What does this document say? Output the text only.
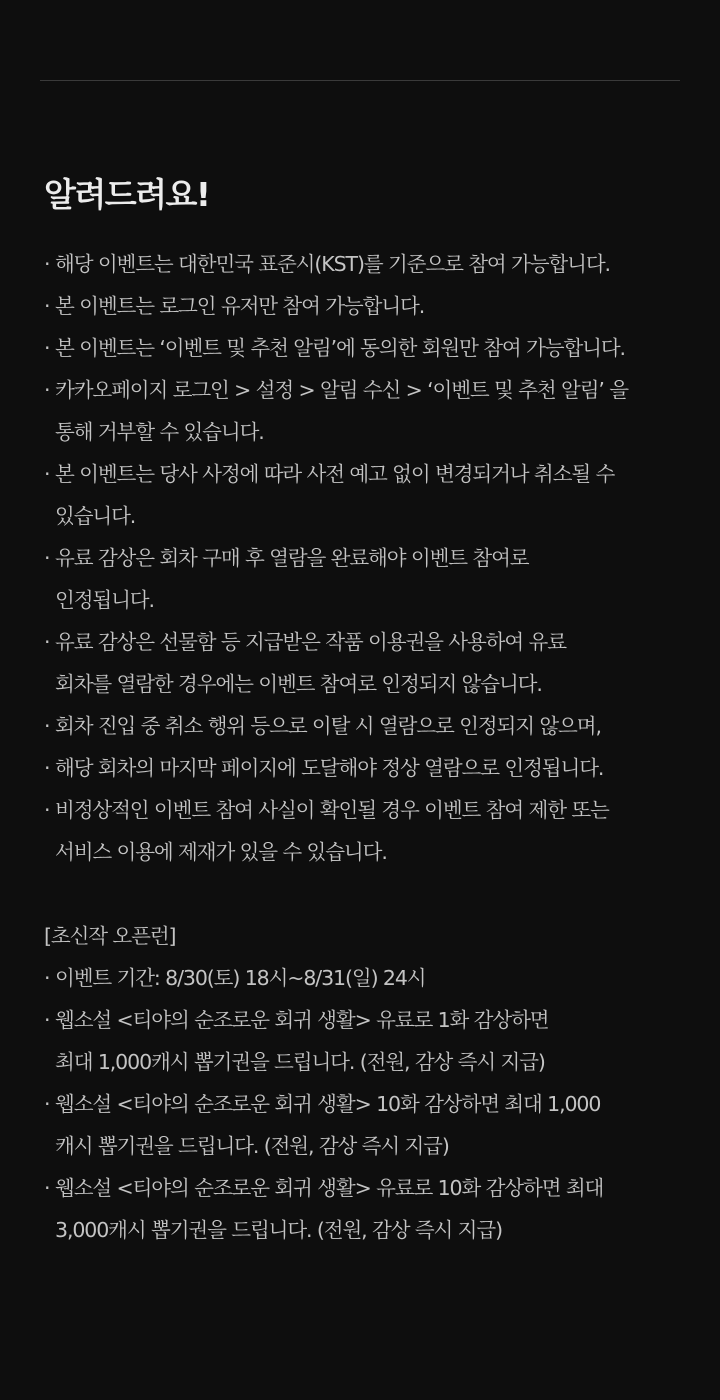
알려드려요!
· 해당 이벤트는 대한민국 표준시(KST)를 기준으로 참여 가능합니다.
· 본 이벤트는 로그인 유저만 참여 가능합니다.
· 본 이벤트는 ‘이벤트 및 추천 알림’에 동의한 회원만 참여 가능합니다.
· 카카오페이지 로그인 > 설정 > 알림 수신 > ‘이벤트 및 추천 알림’ 을
통해 거부할 수 있습니다.
· 본 이벤트는 당사 사정에 따라 사전 예고 없이 변경되거나 취소될 수
있습니다.
· 유료 감상은 회차 구매 후 열람을 완료해야 이벤트 참여로
인정됩니다.
· 유료 감상은 선물함 등 지급받은 작품 이용권을 사용하여 유료
회차를 열람한 경우에는 이벤트 참여로 인정되지 않습니다.
· 회차 진입 중 취소 행위 등으로 이탈 시 열람으로 인정되지 않으며,
· 해당 회차의 마지막 페이지에 도달해야 정상 열람으로 인정됩니다.
· 비정상적인 이벤트 참여 사실이 확인될 경우 이벤트 참여 제한 또는
서비스 이용에 제재가 있을 수 있습니다.
[초신작 오픈런]
· 이벤트 기간: 8/30(토) 18시~8/31(일) 24시
· 웹소설 <티야의 순조로운 회귀 생활> 유료로 1화 감상하면
최대 1,000캐시 뽑기권을 드립니다. (전원, 감상 즉시 지급)
· 웹소설 <티야의 순조로운 회귀 생활> 10화 감상하면 최대 1,000
캐시 뽑기권을 드립니다. (전원, 감상 즉시 지급)
· 웹소설 <티야의 순조로운 회귀 생활> 유료로 10화 감상하면 최대
3,000캐시 뽑기권을 드립니다. (전원, 감상 즉시 지급)
